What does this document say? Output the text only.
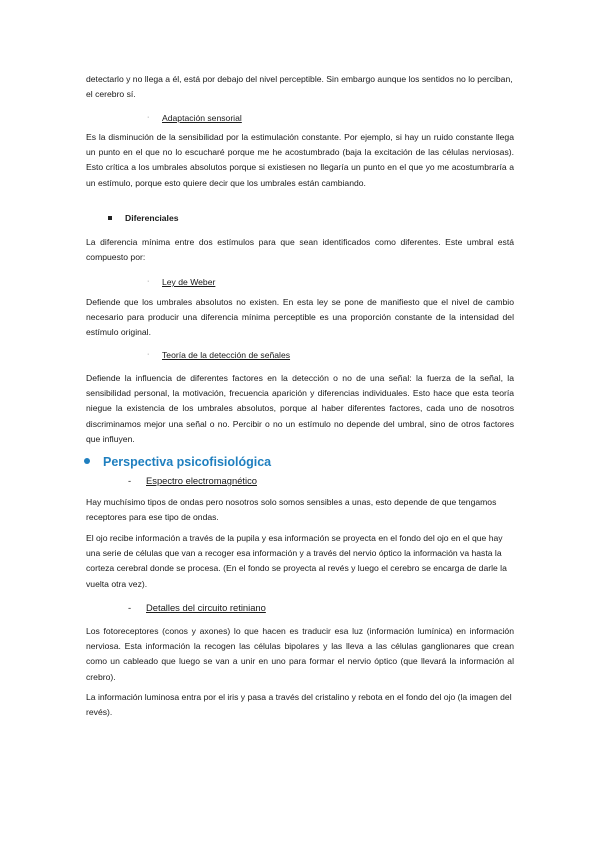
detectarlo y no llega a él, está por debajo del nivel perceptible. Sin embargo aunque los sentidos no lo perciban, el cerebro sí.

· Adaptación sensorial

Es la disminución de la sensibilidad por la estimulación constante. Por ejemplo, si hay un ruido constante llega un punto en el que no lo escucharé porque me he acostumbrado (baja la excitación de las células nerviosas). Esto crítica a los umbrales absolutos porque si existiesen no llegaría un punto en el que yo me acostumbraría a un estímulo, porque esto quiere decir que los umbrales están cambiando.

Diferenciales

La diferencia mínima entre dos estímulos para que sean identificados como diferentes. Este umbral está compuesto por:

· Ley de Weber

Defiende que los umbrales absolutos no existen. En esta ley se pone de manifiesto que el nivel de cambio necesario para producir una diferencia mínima perceptible es una proporción constante de la intensidad del estímulo original.

· Teoría de la detección de señales

Defiende la influencia de diferentes factores en la detección o no de una señal: la fuerza de la señal, la sensibilidad personal, la motivación, frecuencia aparición y diferencias individuales. Esto hace que esta teoría niegue la existencia de los umbrales absolutos, porque al haber diferentes factores, cada uno de nosotros discriminamos mejor una señal o no. Percibir o no un estímulo no depende del umbral, sino de otros factores que influyen.

Perspectiva psicofisiológica
- Espectro electromagnético

Hay muchísimo tipos de ondas pero nosotros solo somos sensibles a unas, esto depende de que tengamos receptores para ese tipo de ondas.

El ojo recibe información a través de la pupila y esa información se proyecta en el fondo del ojo en el que hay una serie de células que van a recoger esa información y a través del nervio óptico la información va hasta la corteza cerebral donde se procesa. (En el fondo se proyecta al revés y luego el cerebro se encarga de darle la vuelta otra vez).

- Detalles del circuito retiniano

Los fotoreceptores (conos y axones) lo que hacen es traducir esa luz (información lumínica) en información nerviosa. Esta información la recogen las células bipolares y las lleva a las células ganglionares que crean como un cableado que luego se van a unir en uno para formar el nervio óptico (que llevará la información al crebro).

La información luminosa entra por el iris y pasa a través del cristalino y rebota en el fondo del ojo (la imagen del revés).
